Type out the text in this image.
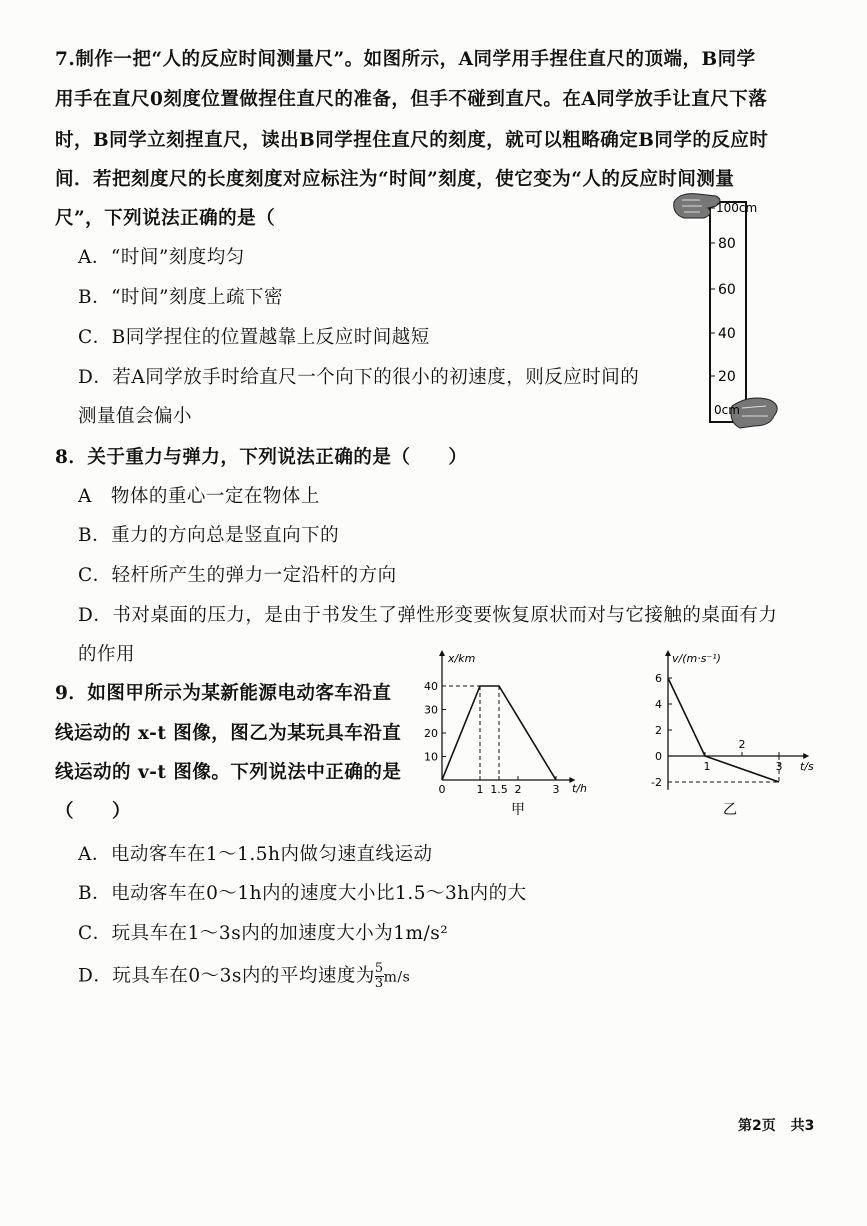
7.制作一把“人的反应时间测量尺”。如图所示，A同学用手捏住直尺的顶端，B同学
用手在直尺0刻度位置做捏住直尺的准备，但手不碰到直尺。在A同学放手让直尺下落
时，B同学立刻捏直尺，读出B同学捏住直尺的刻度，就可以粗略确定B同学的反应时
间．若把刻度尺的长度刻度对应标注为“时间”刻度，使它变为“人的反应时间测量
尺”，下列说法正确的是（
A．“时间”刻度均匀
B．“时间”刻度上疏下密
C．B同学捏住的位置越靠上反应时间越短
D．若A同学放手时给直尺一个向下的很小的初速度，则反应时间的
测量值会偏小
100cm
80
60
40
20
0cm
8．关于重力与弹力，下列说法正确的是（　　）
A　物体的重心一定在物体上
B．重力的方向总是竖直向下的
C．轻杆所产生的弹力一定沿杆的方向
D．书对桌面的压力，是由于书发生了弹性形变要恢复原状而对与它接触的桌面有力
的作用
9．如图甲所示为某新能源电动客车沿直
线运动的 x-t 图像，图乙为某玩具车沿直
线运动的 v-t 图像。下列说法中正确的是
（　　）
A．电动客车在1～1.5h内做匀速直线运动
B．电动客车在0～1h内的速度大小比1.5～3h内的大
C．玩具车在1～3s内的加速度大小为1m/s²
D．玩具车在0～3s内的平均速度为 $\frac{5}{3} m/s$
10
20
30
40
0	1 1.5 2	3
x/km
t/h
甲
6
4
2
0
-2
1
2
3
v/(m·s⁻¹)
t/s
乙
第2页 共3
